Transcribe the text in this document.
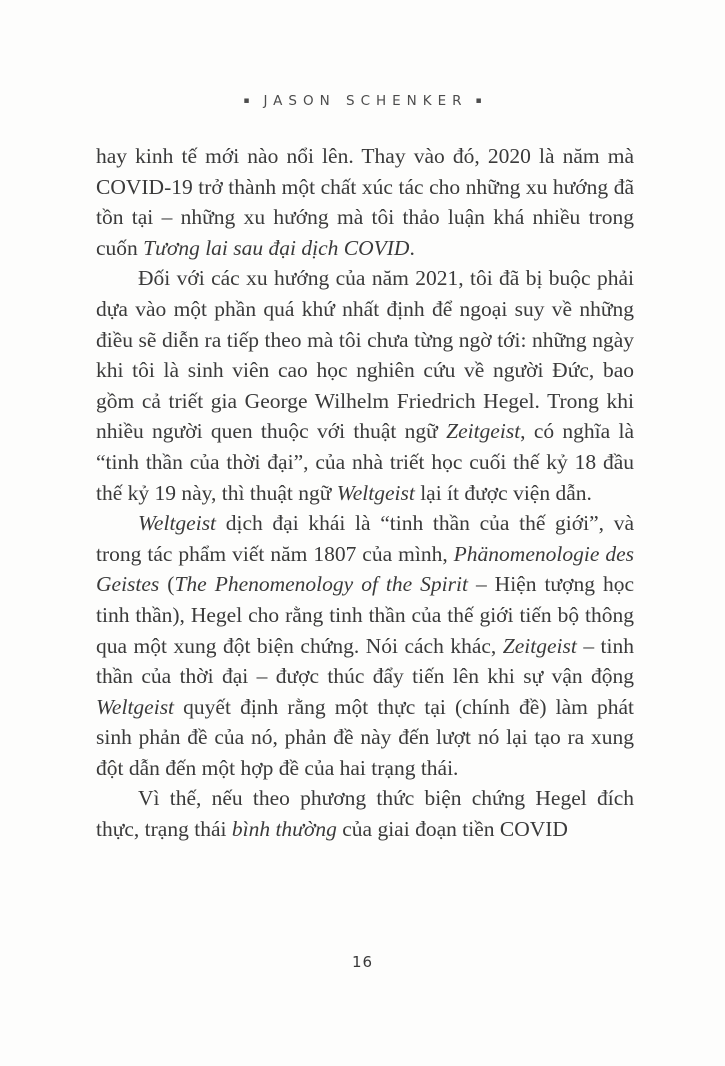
▪ JASON SCHENKER ▪

hay kinh tế mới nào nổi lên. Thay vào đó, 2020 là năm mà COVID-19 trở thành một chất xúc tác cho những xu hướng đã tồn tại – những xu hướng mà tôi thảo luận khá nhiều trong cuốn Tương lai sau đại dịch COVID.

Đối với các xu hướng của năm 2021, tôi đã bị buộc phải dựa vào một phần quá khứ nhất định để ngoại suy về những điều sẽ diễn ra tiếp theo mà tôi chưa từng ngờ tới: những ngày khi tôi là sinh viên cao học nghiên cứu về người Đức, bao gồm cả triết gia George Wilhelm Friedrich Hegel. Trong khi nhiều người quen thuộc với thuật ngữ Zeitgeist, có nghĩa là “tinh thần của thời đại”, của nhà triết học cuối thế kỷ 18 đầu thế kỷ 19 này, thì thuật ngữ Weltgeist lại ít được viện dẫn.

Weltgeist dịch đại khái là “tinh thần của thế giới”, và trong tác phẩm viết năm 1807 của mình, Phänomenologie des Geistes (The Phenomenology of the Spirit – Hiện tượng học tinh thần), Hegel cho rằng tinh thần của thế giới tiến bộ thông qua một xung đột biện chứng. Nói cách khác, Zeitgeist – tinh thần của thời đại – được thúc đẩy tiến lên khi sự vận động Weltgeist quyết định rằng một thực tại (chính đề) làm phát sinh phản đề của nó, phản đề này đến lượt nó lại tạo ra xung đột dẫn đến một hợp đề của hai trạng thái.

Vì thế, nếu theo phương thức biện chứng Hegel đích thực, trạng thái bình thường của giai đoạn tiền COVID

16
